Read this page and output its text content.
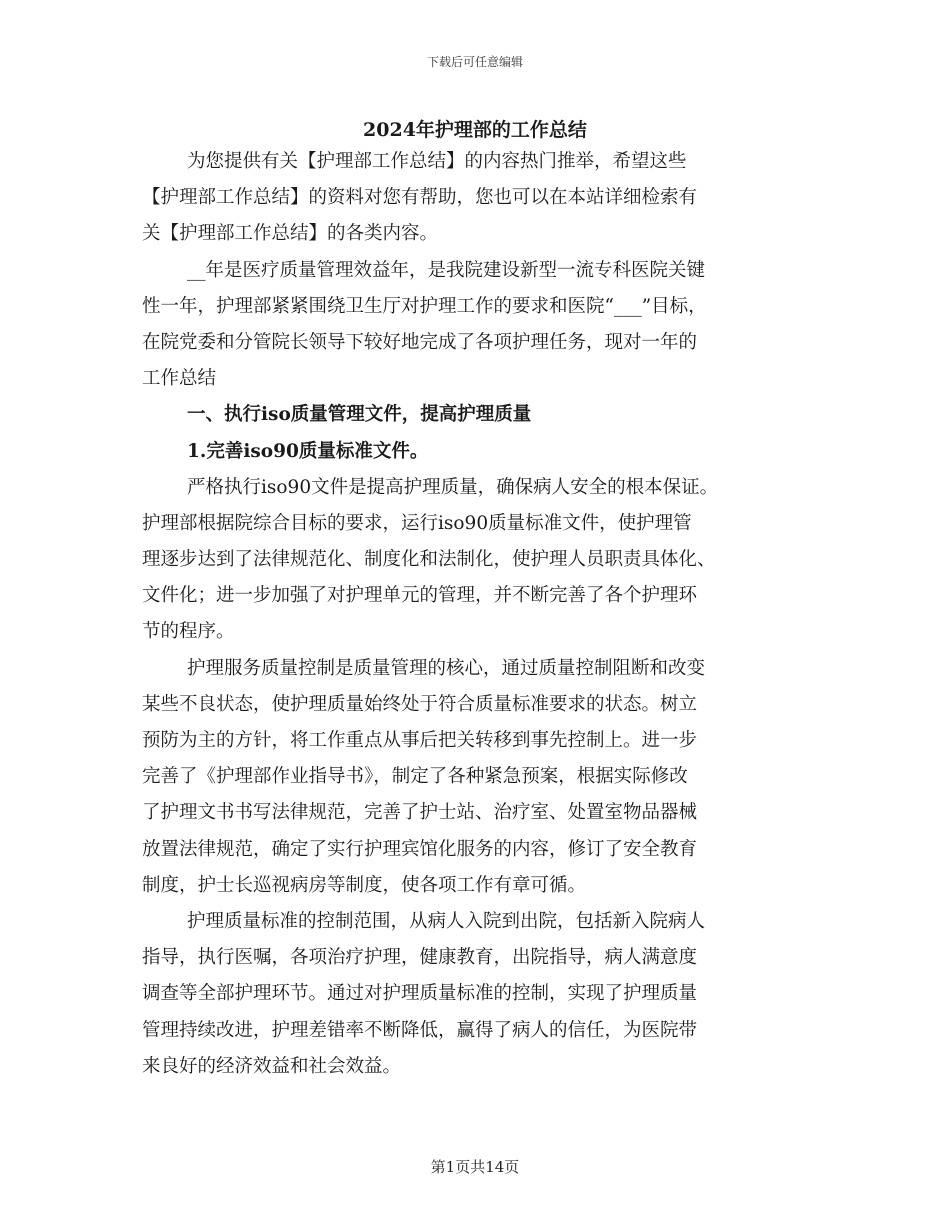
下载后可任意编辑
2024年护理部的工作总结
为您提供有关【护理部工作总结】的内容热门推举，希望这些
【护理部工作总结】的资料对您有帮助，您也可以在本站详细检索有
关【护理部工作总结】的各类内容。
__年是医疗质量管理效益年，是我院建设新型一流专科医院关键
性一年，护理部紧紧围绕卫生厅对护理工作的要求和医院“___”目标，
在院党委和分管院长领导下较好地完成了各项护理任务，现对一年的
工作总结
一、执行iso质量管理文件，提高护理质量
1.完善iso90质量标准文件。
严格执行iso90文件是提高护理质量，确保病人安全的根本保证。
护理部根据院综合目标的要求，运行iso90质量标准文件，使护理管
理逐步达到了法律规范化、制度化和法制化，使护理人员职责具体化、
文件化；进一步加强了对护理单元的管理，并不断完善了各个护理环
节的程序。
护理服务质量控制是质量管理的核心，通过质量控制阻断和改变
某些不良状态，使护理质量始终处于符合质量标准要求的状态。树立
预防为主的方针，将工作重点从事后把关转移到事先控制上。进一步
完善了《护理部作业指导书》，制定了各种紧急预案，根据实际修改
了护理文书书写法律规范，完善了护士站、治疗室、处置室物品器械
放置法律规范，确定了实行护理宾馆化服务的内容，修订了安全教育
制度，护士长巡视病房等制度，使各项工作有章可循。
护理质量标准的控制范围，从病人入院到出院，包括新入院病人
指导，执行医嘱，各项治疗护理，健康教育，出院指导，病人满意度
调查等全部护理环节。通过对护理质量标准的控制，实现了护理质量
管理持续改进，护理差错率不断降低，赢得了病人的信任，为医院带
来良好的经济效益和社会效益。
第1页共14页
